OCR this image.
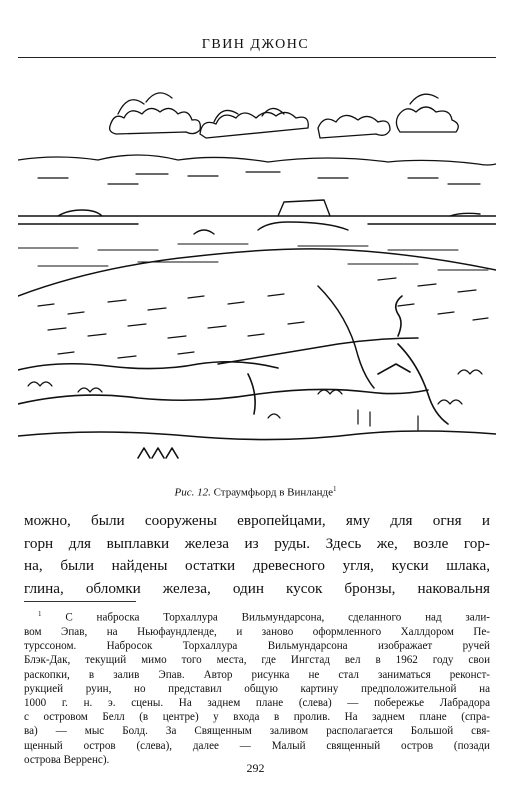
ГВИН ДЖОНС
Рис. 12. Страумфьорд в Винланде$^1$
можно, были сооружены европейцами, яму для огня и
горн для выплавки железа из руды. Здесь же, возле гор-
на, были найдены остатки древесного угля, куски шлака,
глина, обломки железа, один кусок бронзы, наковальня
$^1$ С наброска Торхаллура Вильмундарсона, сделанного над зали-
вом Эпав, на Ньюфаундленде, и заново оформленного Халлдором Пе-
турссоном. Набросок Торхаллура Вильмундарсона изображает ручей
Блэк-Дак, текущий мимо того места, где Ингстад вел в 1962 году свои
раскопки, в залив Эпав. Автор рисунка не стал заниматься реконст-
рукцией руин, но представил общую картину предположительной на
1000 г. н. э. сцены. На заднем плане (слева) — побережье Лабрадора
с островом Белл (в центре) у входа в пролив. На заднем плане (спра-
ва) — мыс Болд. За Священным заливом располагается Большой свя-
щенный остров (слева), далее — Малый священный остров (позади
острова Верренс).
292
